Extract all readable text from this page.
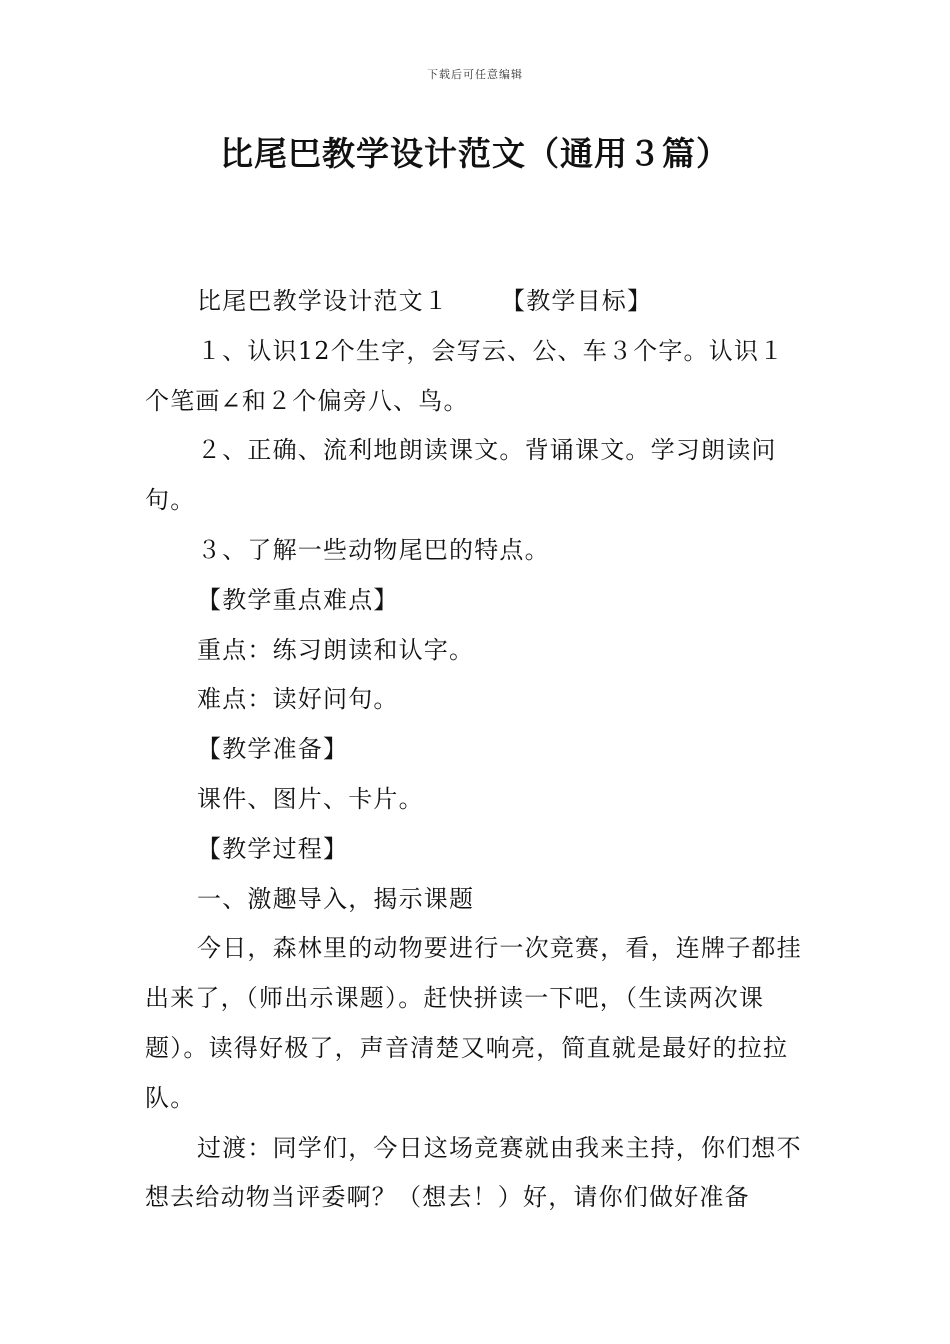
下载后可任意编辑
比尾巴教学设计范文（通用３篇）

比尾巴教学设计范文１ 【教学目标】

１、认识12个生字，会写云、公、车３个字。认识１个笔画∠和２个偏旁八、鸟。

２、正确、流利地朗读课文。背诵课文。学习朗读问句。

３、了解一些动物尾巴的特点。

【教学重点难点】

重点：练习朗读和认字。

难点：读好问句。

【教学准备】

课件、图片、卡片。

【教学过程】

一、激趣导入，揭示课题

今日，森林里的动物要进行一次竞赛，看，连牌子都挂出来了，（师出示课题）。赶快拼读一下吧，（生读两次课题）。读得好极了，声音清楚又响亮，简直就是最好的拉拉队。

过渡：同学们，今日这场竞赛就由我来主持，你们想不想去给动物当评委啊？（想去！）好，请你们做好准备
